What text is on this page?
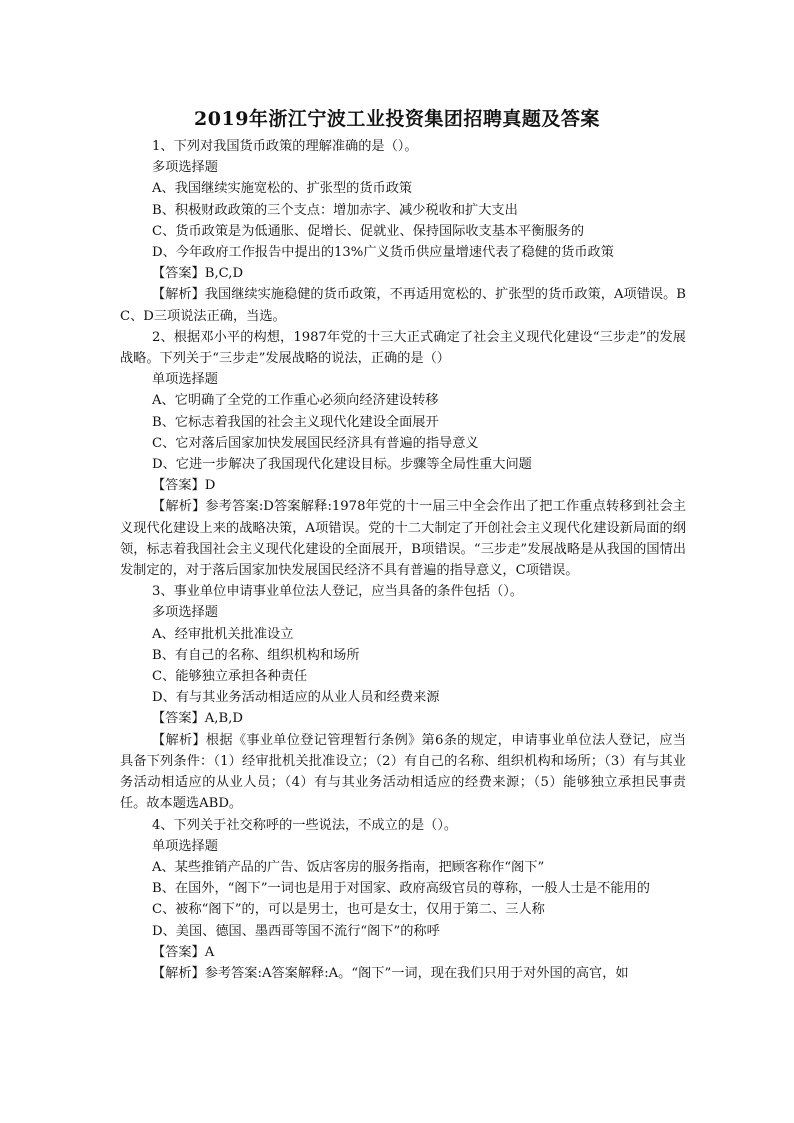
2019年浙江宁波工业投资集团招聘真题及答案

1、下列对我国货币政策的理解准确的是（）。

多项选择题

A、我国继续实施宽松的、扩张型的货币政策

B、积极财政政策的三个支点：增加赤字、减少税收和扩大支出

C、货币政策是为低通胀、促增长、促就业、保持国际收支基本平衡服务的

D、今年政府工作报告中提出的13%广义货币供应量增速代表了稳健的货币政策

【答案】B,C,D

【解析】我国继续实施稳健的货币政策，不再适用宽松的、扩张型的货币政策，A项错误。BC、D三项说法正确，当选。

2、根据邓小平的构想，1987年党的十三大正式确定了社会主义现代化建设“三步走”的发展战略。下列关于“三步走”发展战略的说法，正确的是（）

单项选择题

A、它明确了全党的工作重心必须向经济建设转移

B、它标志着我国的社会主义现代化建设全面展开

C、它对落后国家加快发展国民经济具有普遍的指导意义

D、它进一步解决了我国现代化建设目标。步骤等全局性重大问题

【答案】D

【解析】参考答案:D答案解释:1978年党的十一届三中全会作出了把工作重点转移到社会主义现代化建设上来的战略决策，A项错误。党的十二大制定了开创社会主义现代化建设新局面的纲领，标志着我国社会主义现代化建设的全面展开，B项错误。“三步走”发展战略是从我国的国情出发制定的，对于落后国家加快发展国民经济不具有普遍的指导意义，C项错误。

3、事业单位申请事业单位法人登记，应当具备的条件包括（）。

多项选择题

A、经审批机关批准设立

B、有自己的名称、组织机构和场所

C、能够独立承担各种责任

D、有与其业务活动相适应的从业人员和经费来源

【答案】A,B,D

【解析】根据《事业单位登记管理暂行条例》第6条的规定，申请事业单位法人登记，应当具备下列条件：（1）经审批机关批准设立；（2）有自己的名称、组织机构和场所；（3）有与其业务活动相适应的从业人员；（4）有与其业务活动相适应的经费来源；（5）能够独立承担民事责任。故本题选ABD。

4、下列关于社交称呼的一些说法，不成立的是（）。

单项选择题

A、某些推销产品的广告、饭店客房的服务指南，把顾客称作“阁下”

B、在国外，“阁下”一词也是用于对国家、政府高级官员的尊称，一般人士是不能用的

C、被称“阁下”的，可以是男士，也可是女士，仅用于第二、三人称

D、美国、德国、墨西哥等国不流行“阁下”的称呼

【答案】A

【解析】参考答案:A答案解释:A。“阁下”一词，现在我们只用于对外国的高官，如
